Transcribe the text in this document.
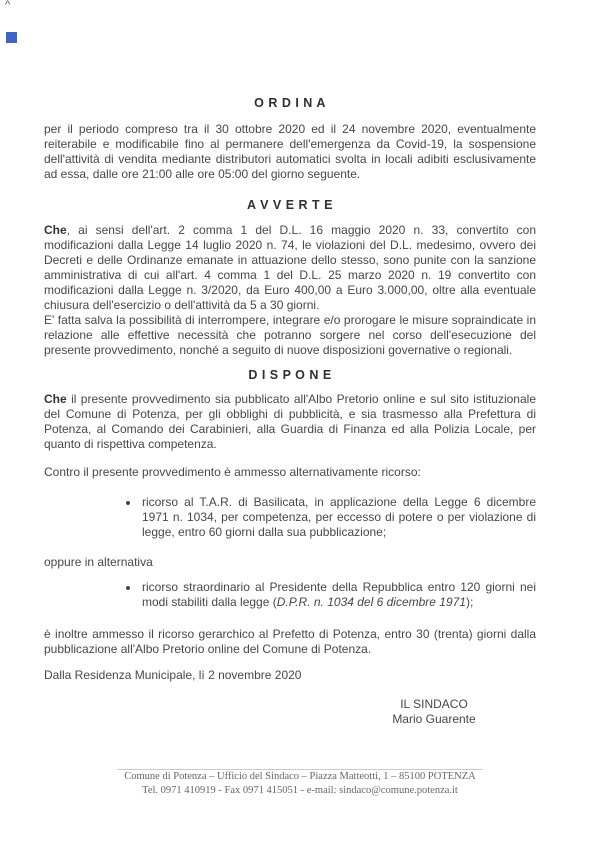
^
O R D I N A

per il periodo compreso tra il 30 ottobre 2020 ed il 24 novembre 2020, eventualmente reiterabile e modificabile fino al permanere dell'emergenza da Covid-19, la sospensione dell'attività di vendita mediante distributori automatici svolta in locali adibiti esclusivamente ad essa, dalle ore 21:00 alle ore 05:00 del giorno seguente.

A V V E R T E

Che, ai sensi dell'art. 2 comma 1 del D.L. 16 maggio 2020 n. 33, convertito con modificazioni dalla Legge 14 luglio 2020 n. 74, le violazioni del D.L. medesimo, ovvero dei Decreti e delle Ordinanze emanate in attuazione dello stesso, sono punite con la sanzione amministrativa di cui all'art. 4 comma 1 del D.L. 25 marzo 2020 n. 19 convertito con modificazioni dalla Legge n. 3/2020, da Euro 400,00 a Euro 3.000,00, oltre alla eventuale chiusura dell'esercizio o dell'attività da 5 a 30 giorni.

E' fatta salva la possibilità di interrompere, integrare e/o prorogare le misure sopraindicate in relazione alle effettive necessità che potranno sorgere nel corso dell'esecuzione del presente provvedimento, nonché a seguito di nuove disposizioni governative o regionali.

D I S P O N E

Che il presente provvedimento sia pubblicato all'Albo Pretorio online e sul sito istituzionale del Comune di Potenza, per gli obblighi di pubblicità, e sia trasmesso alla Prefettura di Potenza, al Comando dei Carabinieri, alla Guardia di Finanza ed alla Polizia Locale, per quanto di rispettiva competenza.

Contro il presente provvedimento è ammesso alternativamente ricorso:

• ricorso al T.A.R. di Basilicata, in applicazione della Legge 6 dicembre 1971 n. 1034, per competenza, per eccesso di potere o per violazione di legge, entro 60 giorni dalla sua pubblicazione;

oppure in alternativa

• ricorso straordinario al Presidente della Repubblica entro 120 giorni nei modi stabiliti dalla legge (D.P.R. n. 1034 del 6 dicembre 1971);

è inoltre ammesso il ricorso gerarchico al Prefetto di Potenza, entro 30 (trenta) giorni dalla pubblicazione all'Albo Pretorio online del Comune di Potenza.

Dalla Residenza Municipale, lì 2 novembre 2020

IL SINDACO
Mario Guarente
Comune di Potenza – Ufficio del Sindaco – Piazza Matteotti, 1 – 85100 POTENZA
Tel. 0971 410919 - Fax 0971 415051 - e-mail: sindaco@comune.potenza.it
